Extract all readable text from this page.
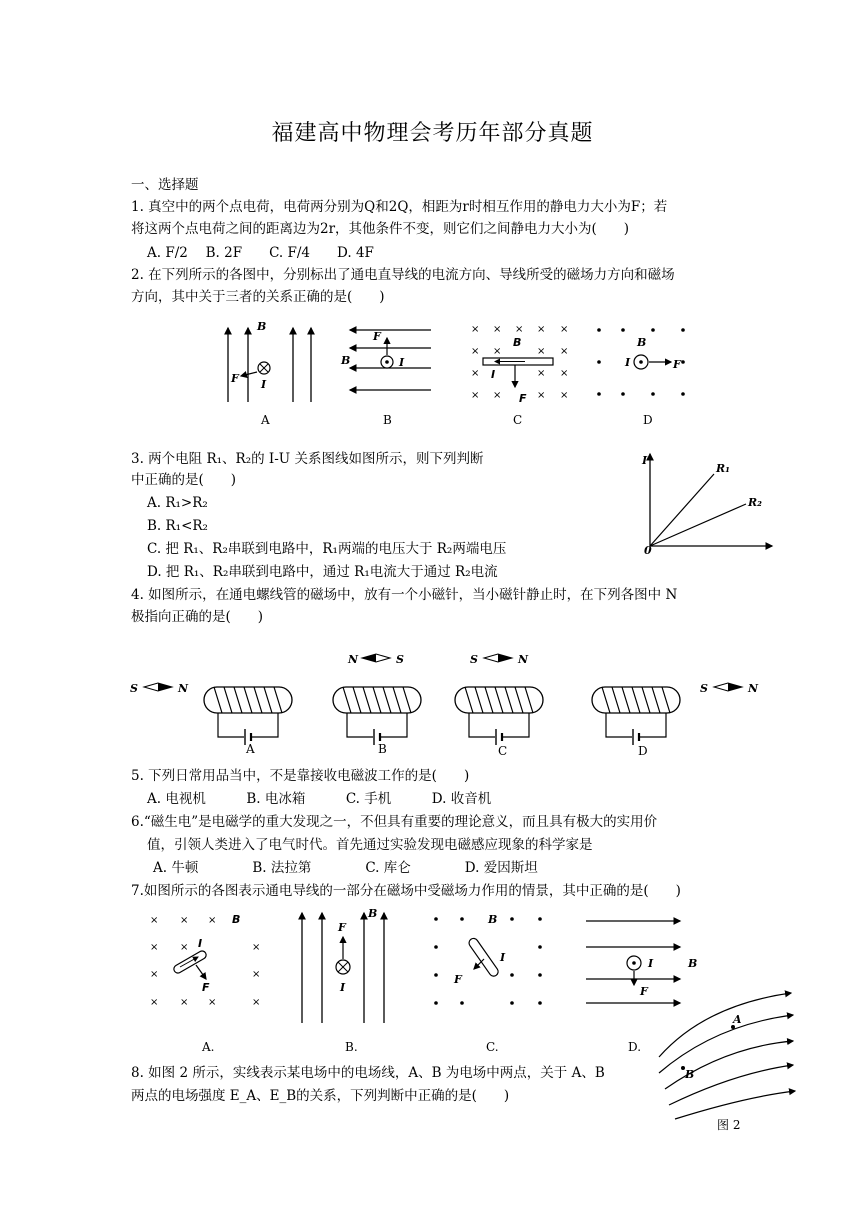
福建高中物理会考历年部分真题
一、选择题
1. 真空中的两个点电荷，电荷两分别为Q和2Q，相距为r时相互作用的静电力大小为F；若
将这两个点电荷之间的距离边为2r，其他条件不变，则它们之间静电力大小为(　　)
A. F/2　 B. 2F　　C. F/4　　D. 4F
2. 在下列所示的各图中，分别标出了通电直导线的电流方向、导线所受的磁场力方向和磁场
方向，其中关于三者的关系正确的是(　　)
B
F I
A
F
B	I
B
× × × × ×
× ×	× ×
×	× ×
× ×	× ×
B
I
F
C
B
I	F
D
3. 两个电阻 R₁、R₂的 I-U 关系图线如图所示，则下列判断
中正确的是(　　)
A. R₁>R₂
B. R₁<R₂
C. 把 R₁、R₂串联到电路中，R₁两端的电压大于 R₂两端电压
D. 把 R₁、R₂串联到电路中，通过 R₁电流大于通过 R₂电流
I
R₁
R₂
0
4. 如图所示，在通电螺线管的磁场中，放有一个小磁针，当小磁针静止时，在下列各图中 N
极指向正确的是(　　)
S	N
A
N	S
B
S	N
C
S	N
D
5. 下列日常用品当中，不是靠接收电磁波工作的是(　　)
A. 电视机　　　B. 电冰箱　　　C. 手机　　　D. 收音机
6.“磁生电”是电磁学的重大发现之一，不但具有重要的理论意义，而且具有极大的实用价
值，引领人类进入了电气时代。首先通过实验发现电磁感应现象的科学家是
A. 牛顿　　　　B. 法拉第　　　　C. 库仑　　　　D. 爱因斯坦
7.如图所示的各图表示通电导线的一部分在磁场中受磁场力作用的情景，其中正确的是(　　)
× × ×
× ×	×
×	×
× × ×	×
B
I
F
A.
B
F
I
B.
B
I
F
C.
I
F
B
D.
8. 如图 2 所示，实线表示某电场中的电场线，A、B 为电场中两点，关于 A、B
两点的电场强度 E_A、E_B的关系，下列判断中正确的是(　　)
A
B
图 2
